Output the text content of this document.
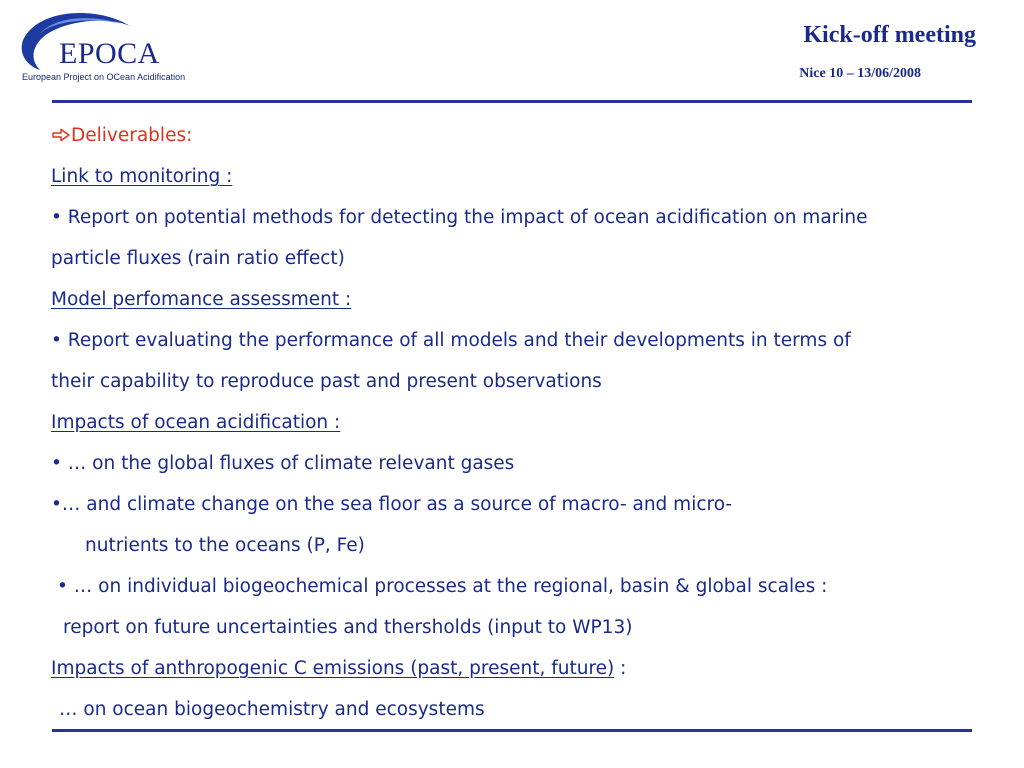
EPOCA
European Project on OCean Acidification
Kick-off meeting
Nice 10 – 13/06/2008
Deliverables:
Link to monitoring :
• Report on potential methods for detecting the impact of ocean acidification on marine
particle fluxes (rain ratio effect)
Model perfomance assessment :
• Report evaluating the performance of all models and their developments in terms of
their capability to reproduce past and present observations
Impacts of ocean acidification :
• … on the global fluxes of climate relevant gases
•… and climate change on the sea floor as a source of macro- and micro-
nutrients to the oceans (P, Fe)
• … on individual biogeochemical processes at the regional, basin & global scales :
report on future uncertainties and thersholds (input to WP13)
Impacts of anthropogenic C emissions (past, present, future) :
… on ocean biogeochemistry and ecosystems
